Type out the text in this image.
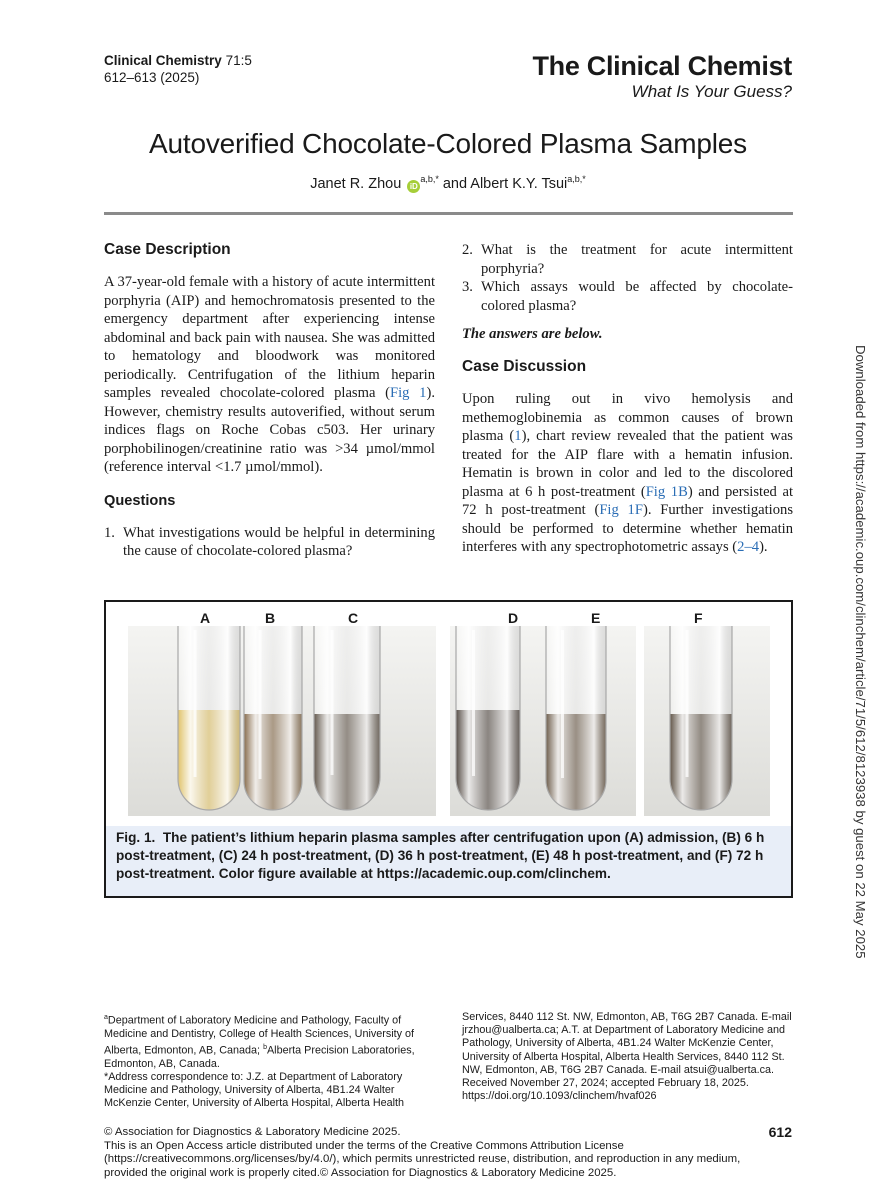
Clinical Chemistry 71:5
612–613 (2025)	The Clinical Chemist
What Is Your Guess?
Autoverified Chocolate-Colored Plasma Samples
Janet R. Zhou $iD^{a,b,*}$ and Albert K.Y. Tsui$^{a,b,*}$
Case Description
A 37-year-old female with a history of acute intermittent porphyria (AIP) and hemochromatosis presented to the emergency department after experiencing intense abdominal and back pain with nausea. She was admitted to hematology and bloodwork was monitored periodically. Centrifugation of the lithium heparin samples revealed chocolate-colored plasma (Fig 1). However, chemistry results autoverified, without serum indices flags on Roche Cobas c503. Her urinary porphobilinogen/creatinine ratio was >34 µmol/mmol (reference interval <1.7 µmol/mmol).
Questions
1. What investigations would be helpful in determining the cause of chocolate-colored plasma?
2. What is the treatment for acute intermittent porphyria?
3. Which assays would be affected by chocolate-colored plasma?
The answers are below.
Case Discussion
Upon ruling out in vivo hemolysis and methemoglobinemia as common causes of brown plasma (1), chart review revealed that the patient was treated for the AIP flare with a hematin infusion. Hematin is brown in color and led to the discolored plasma at 6 h post-treatment (Fig 1B) and persisted at 72 h post-treatment (Fig 1F). Further investigations should be performed to determine whether hematin interferes with any spectrophotometric assays (2–4).
A	B	C	D	E	F
Fig. 1. The patient’s lithium heparin plasma samples after centrifugation upon (A) admission, (B) 6 h post-treatment, (C) 24 h post-treatment, (D) 36 h post-treatment, (E) 48 h post-treatment, and (F) 72 h post-treatment. Color figure available at https://academic.oup.com/clinchem.
$^a$Department of Laboratory Medicine and Pathology, Faculty of Medicine and Dentistry, College of Health Sciences, University of Alberta, Edmonton, AB, Canada; $^b$Alberta Precision Laboratories, Edmonton, AB, Canada.
*Address correspondence to: J.Z. at Department of Laboratory Medicine and Pathology, University of Alberta, 4B1.24 Walter McKenzie Center, University of Alberta Hospital, Alberta Health
Services, 8440 112 St. NW, Edmonton, AB, T6G 2B7 Canada. E-mail jrzhou@ualberta.ca; A.T. at Department of Laboratory Medicine and Pathology, University of Alberta, 4B1.24 Walter McKenzie Center, University of Alberta Hospital, Alberta Health Services, 8440 112 St. NW, Edmonton, AB, T6G 2B7 Canada. E-mail atsui@ualberta.ca.
Received November 27, 2024; accepted February 18, 2025.
https://doi.org/10.1093/clinchem/hvaf026
© Association for Diagnostics & Laboratory Medicine 2025.
This is an Open Access article distributed under the terms of the Creative Commons Attribution License (https://creativecommons.org/licenses/by/4.0/), which permits unrestricted reuse, distribution, and reproduction in any medium, provided the original work is properly cited.© Association for Diagnostics & Laboratory Medicine 2025.
612
Downloaded from https://academic.oup.com/clinchem/article/71/5/612/8123938 by guest on 22 May 2025
